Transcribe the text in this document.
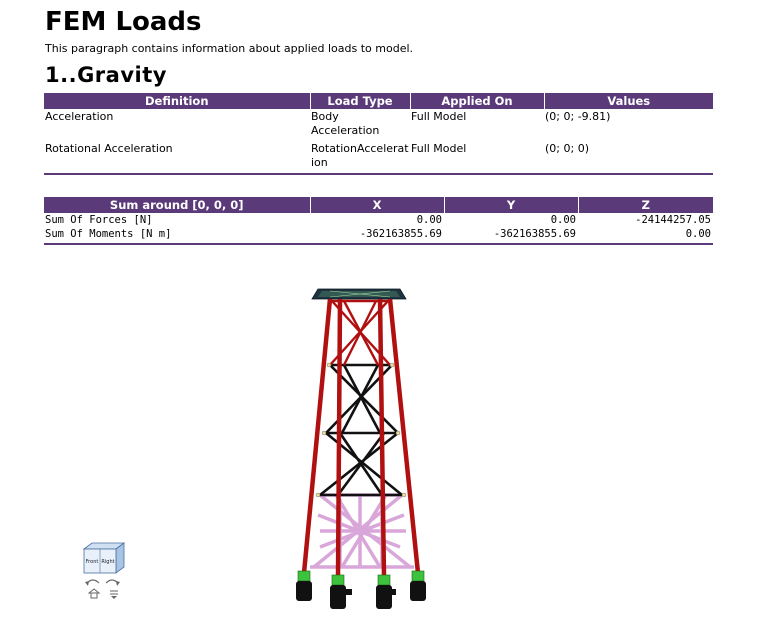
FEM Loads
This paragraph contains information about applied loads to model.
1..Gravity
Definition	Load Type	Applied On	Values
Acceleration	Body Acceleration	Full Model	(0; 0; -9.81)
Rotational Acceleration	RotationAcceleration	Full Model	(0; 0; 0)
Sum around [0, 0, 0]	X	Y	Z
Sum Of Forces [N]	0.00	0.00	-24144257.05
Sum Of Moments [N m]	-362163855.69	-362163855.69	0.00
Front Right
